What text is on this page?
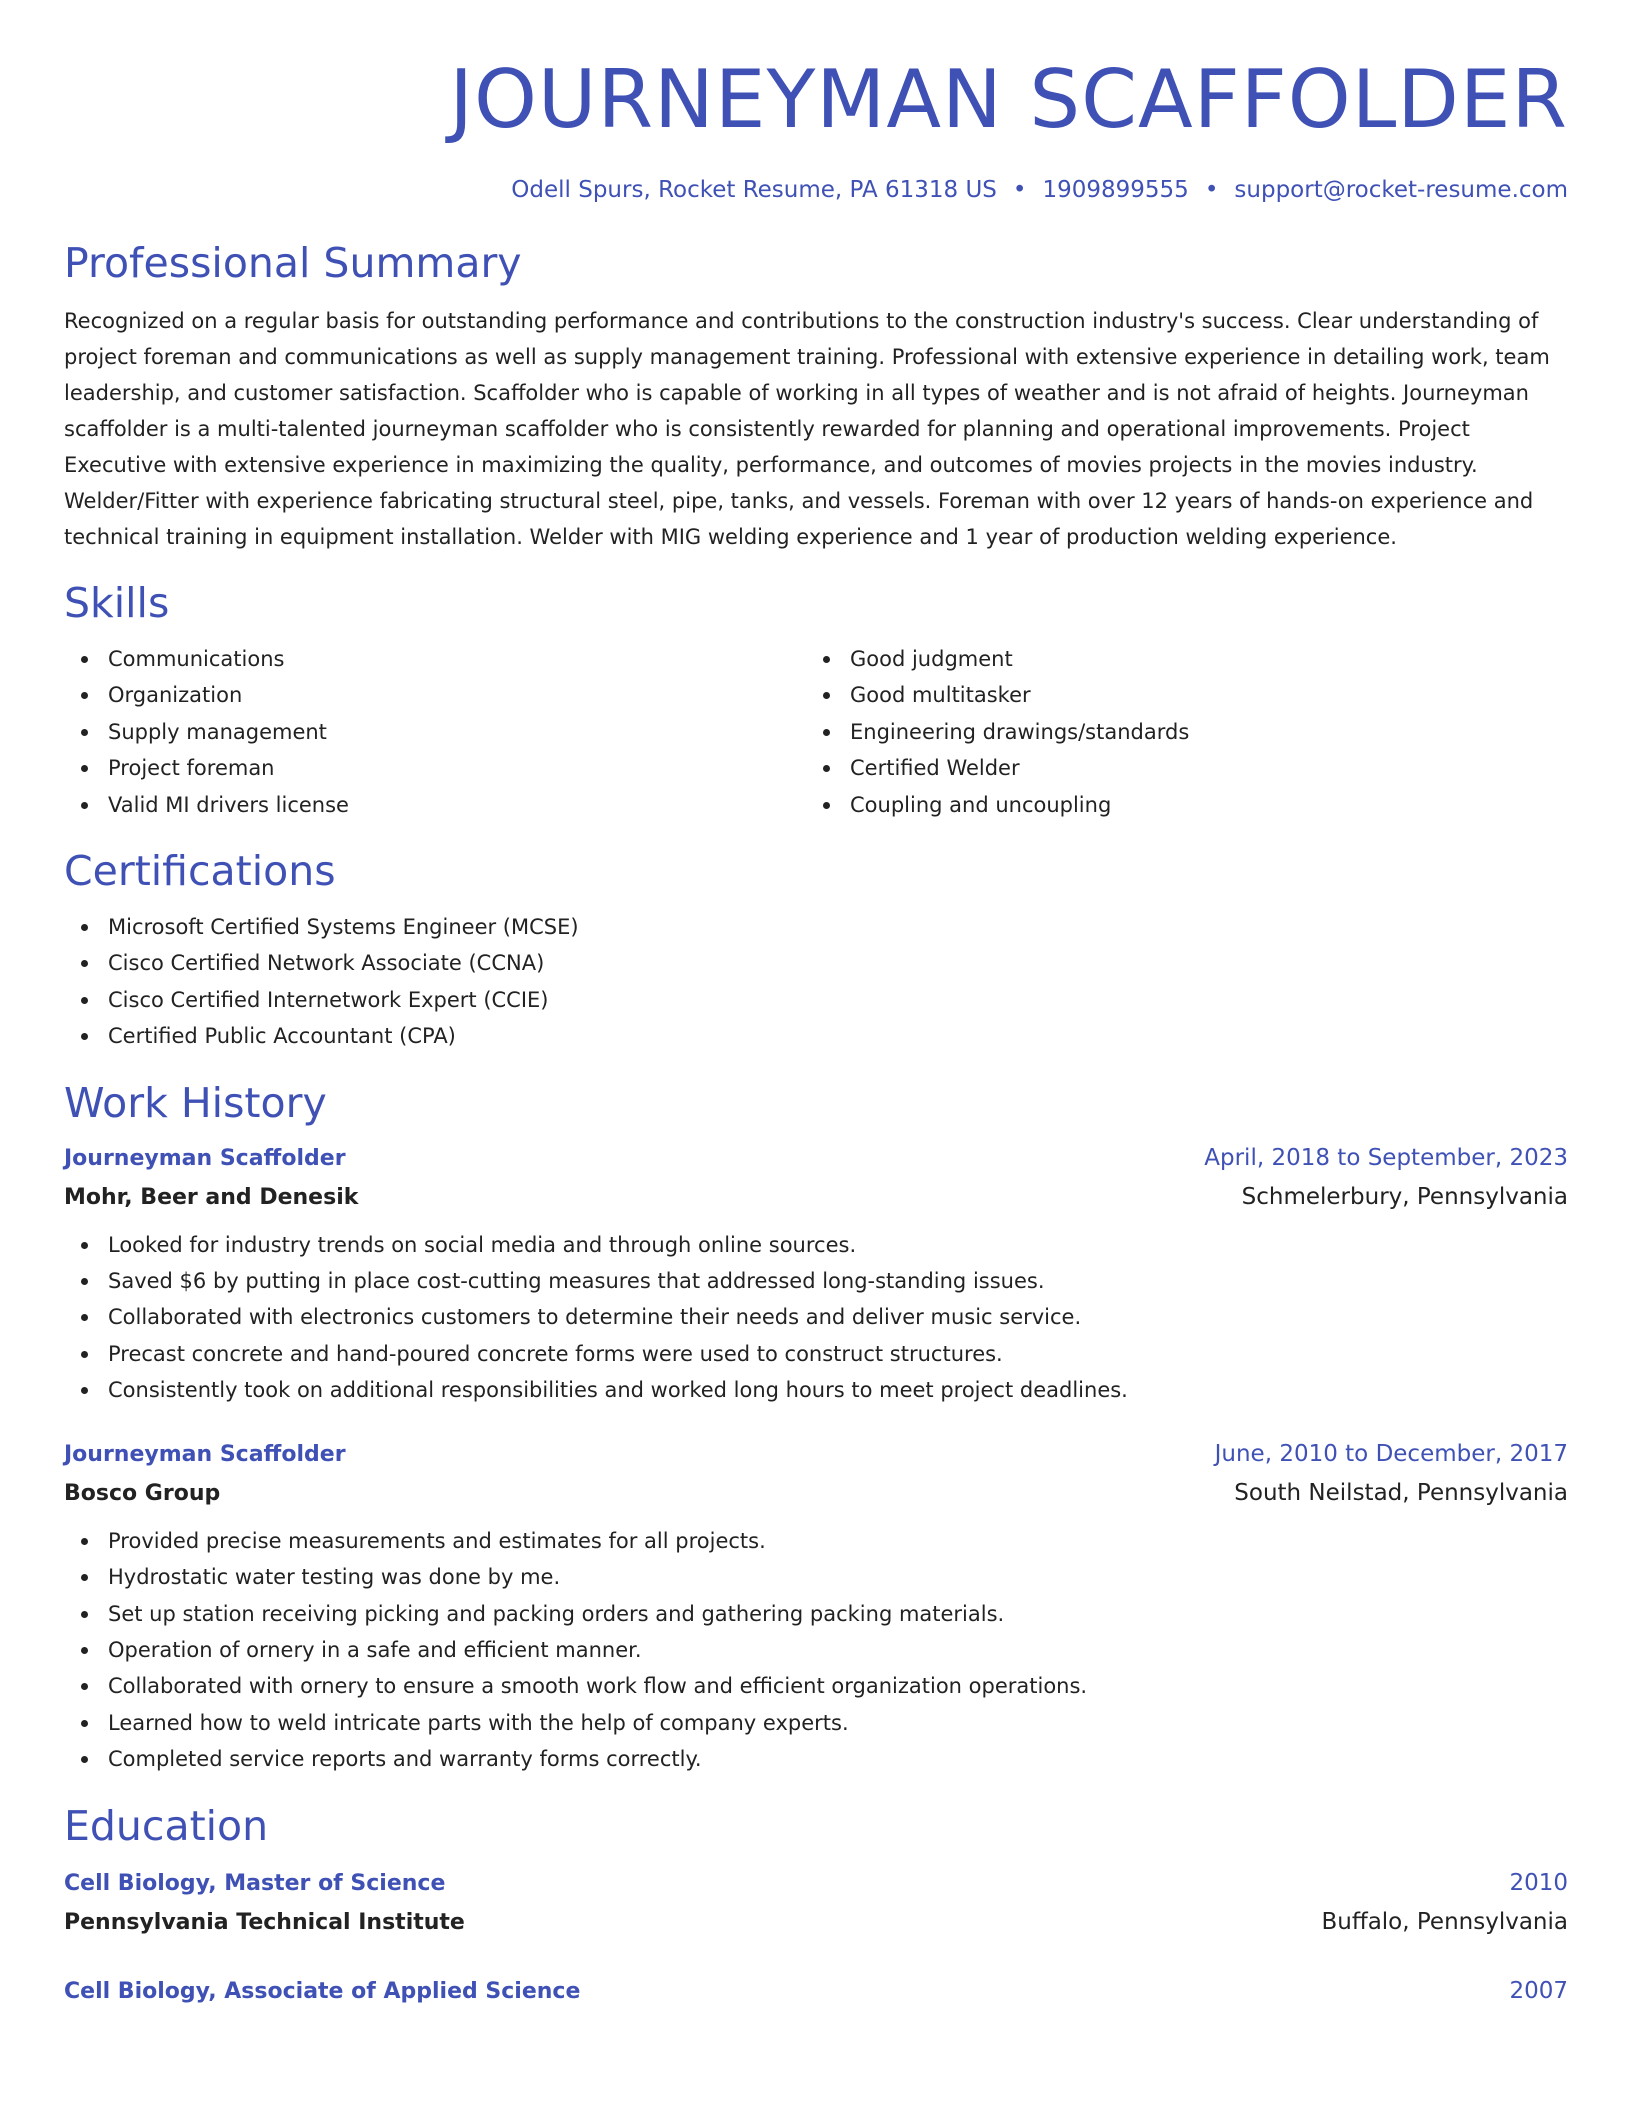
JOURNEYMAN SCAFFOLDER
Odell Spurs, Rocket Resume, PA 61318 US • 1909899555 • support@rocket-resume.com
Professional Summary

Recognized on a regular basis for outstanding performance and contributions to the construction industry's success. Clear understanding of project foreman and communications as well as supply management training. Professional with extensive experience in detailing work, team leadership, and customer satisfaction. Scaffolder who is capable of working in all types of weather and is not afraid of heights. Journeyman scaffolder is a multi-talented journeyman scaffolder who is consistently rewarded for planning and operational improvements. Project Executive with extensive experience in maximizing the quality, performance, and outcomes of movies projects in the movies industry. Welder/Fitter with experience fabricating structural steel, pipe, tanks, and vessels. Foreman with over 12 years of hands-on experience and technical training in equipment installation. Welder with MIG welding experience and 1 year of production welding experience.

Skills
Communications
Organization
Supply management
Project foreman
Valid MI drivers license
Good judgment
Good multitasker
Engineering drawings/standards
Certified Welder
Coupling and uncoupling
Certifications
Microsoft Certified Systems Engineer (MCSE)
Cisco Certified Network Associate (CCNA)
Cisco Certified Internetwork Expert (CCIE)
Certified Public Accountant (CPA)
Work History
Journeyman Scaffolder	April, 2018 to September, 2023
Mohr, Beer and Denesik	Schmelerbury, Pennsylvania
Looked for industry trends on social media and through online sources.
Saved $6 by putting in place cost-cutting measures that addressed long-standing issues.
Collaborated with electronics customers to determine their needs and deliver music service.
Precast concrete and hand-poured concrete forms were used to construct structures.
Consistently took on additional responsibilities and worked long hours to meet project deadlines.
Journeyman Scaffolder	June, 2010 to December, 2017
Bosco Group	South Neilstad, Pennsylvania
Provided precise measurements and estimates for all projects.
Hydrostatic water testing was done by me.
Set up station receiving picking and packing orders and gathering packing materials.
Operation of ornery in a safe and efficient manner.
Collaborated with ornery to ensure a smooth work flow and efficient organization operations.
Learned how to weld intricate parts with the help of company experts.
Completed service reports and warranty forms correctly.
Education
Cell Biology, Master of Science	2010
Pennsylvania Technical Institute	Buffalo, Pennsylvania
Cell Biology, Associate of Applied Science	2007
